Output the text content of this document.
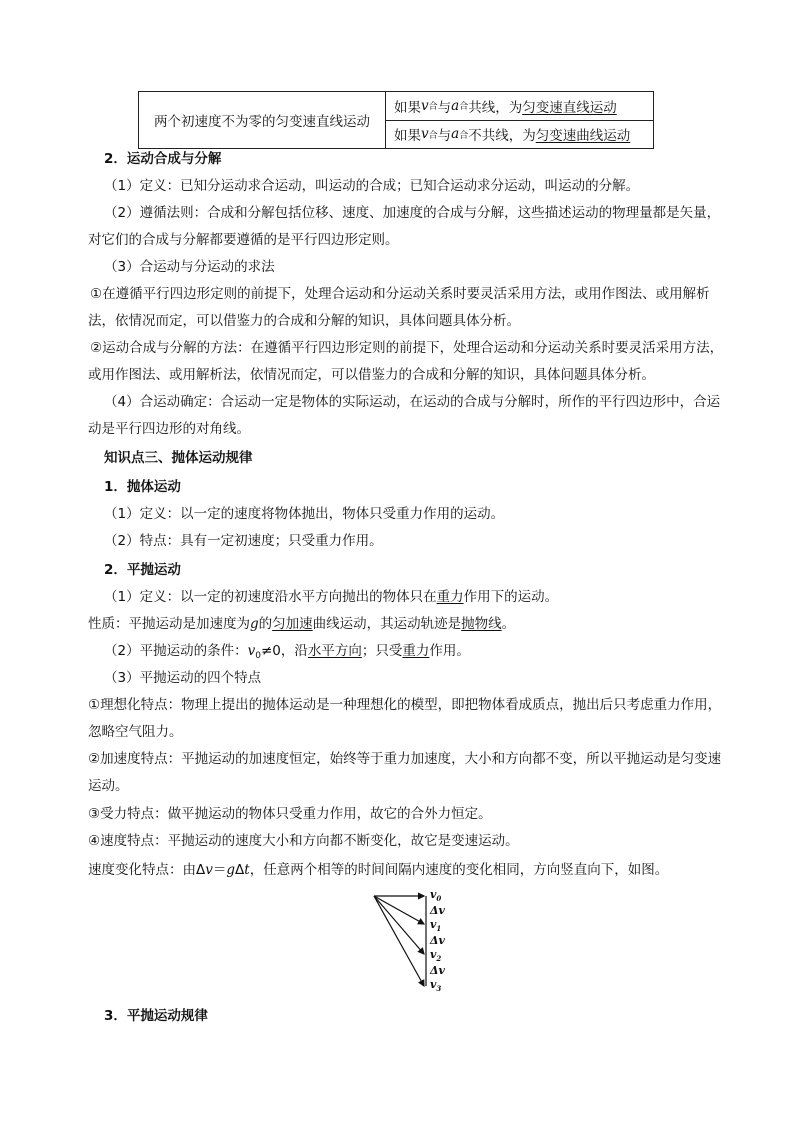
两个初速度不为零的匀变速直线运动
如果 v 合 与 a 合 共线，为 匀变速直线运动
如果 v 合 与 a 合 不共线，为 匀变速曲线运动
2．运动合成与分解
（1）定义：已知分运动求合运动，叫运动的合成；已知合运动求分运动，叫运动的分解。
（2）遵循法则：合成和分解包括位移、速度、加速度的合成与分解，这些描述运动的物理量都是矢量，对它们的合成与分解都要遵循的是平行四边形定则。
（3）合运动与分运动的求法
①在遵循平行四边形定则的前提下，处理合运动和分运动关系时要灵活采用方法，或用作图法、或用解析法，依情况而定，可以借鉴力的合成和分解的知识，具体问题具体分析。
②运动合成与分解的方法：在遵循平行四边形定则的前提下，处理合运动和分运动关系时要灵活采用方法，或用作图法、或用解析法，依情况而定，可以借鉴力的合成和分解的知识，具体问题具体分析。
（4）合运动确定：合运动一定是物体的实际运动，在运动的合成与分解时，所作的平行四边形中，合运动是平行四边形的对角线。
知识点三、抛体运动规律
1．抛体运动
（1）定义：以一定的速度将物体抛出，物体只受重力作用的运动。
（2）特点：具有一定初速度；只受重力作用。
2．平抛运动
（1）定义：以一定的初速度沿水平方向抛出的物体只在重力作用下的运动。
性质：平抛运动是加速度为g的匀加速曲线运动，其运动轨迹是抛物线。
（2）平抛运动的条件：$v_0\ne 0$，沿水平方向；只受重力作用。
（3）平抛运动的四个特点
①理想化特点：物理上提出的抛体运动是一种理想化的模型，即把物体看成质点，抛出后只考虑重力作用，忽略空气阻力。
②加速度特点：平抛运动的加速度恒定，始终等于重力加速度，大小和方向都不变，所以平抛运动是匀变速运动。
③受力特点：做平抛运动的物体只受重力作用，故它的合外力恒定。
④速度特点：平抛运动的速度大小和方向都不断变化，故它是变速运动。
速度变化特点：由Δv＝gΔt，任意两个相等的时间间隔内速度的变化相同，方向竖直向下，如图。
$v_0$
Δv
$v_1$
Δv
$v_2$
Δv
$v_3$
3．平抛运动规律
